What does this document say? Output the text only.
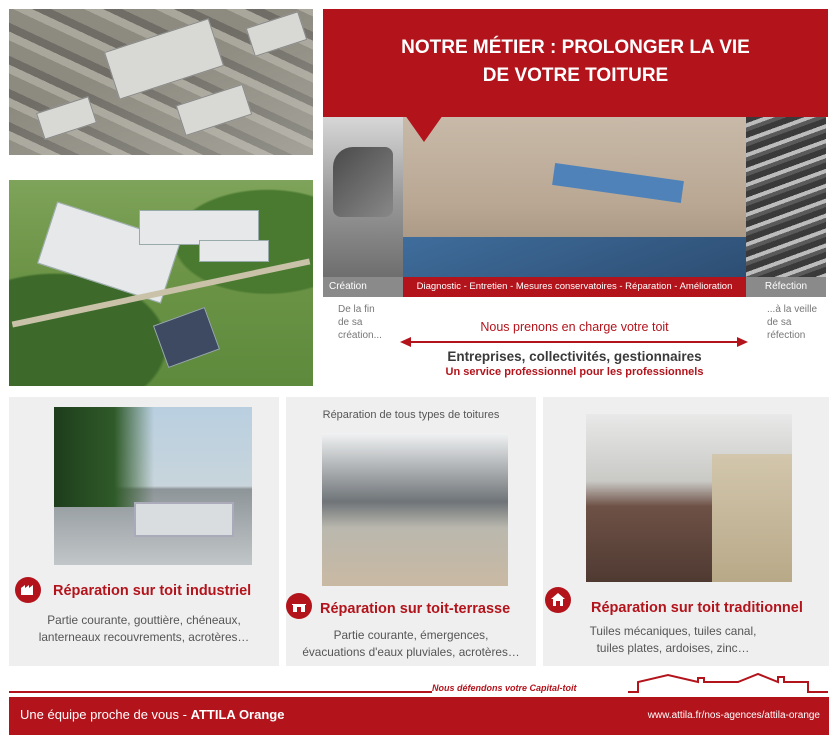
NOTRE MÉTIER : PROLONGER LA VIE
DE VOTRE TOITURE
Création	Diagnostic - Entretien - Mesures conservatoires - Réparation - Amélioration	Réfection
De la fin
de sa
création...
...à la veille
de sa
réfection
Nous prenons en charge votre toit
Entreprises, collectivités, gestionnaires
Un service professionnel pour les professionnels
Réparation sur toit industriel
Partie courante, gouttière, chéneaux,
lanterneaux recouvrements, acrotères…
Réparation de tous types de toitures
Réparation sur toit-terrasse
Partie courante, émergences,
évacuations d'eaux pluviales, acrotères…
Réparation sur toit traditionnel
Tuiles mécaniques, tuiles canal,
tuiles plates, ardoises, zinc…
Nous défendons votre Capital-toit
Une équipe proche de vous - ATTILA Orange	www.attila.fr/nos-agences/attila-orange
